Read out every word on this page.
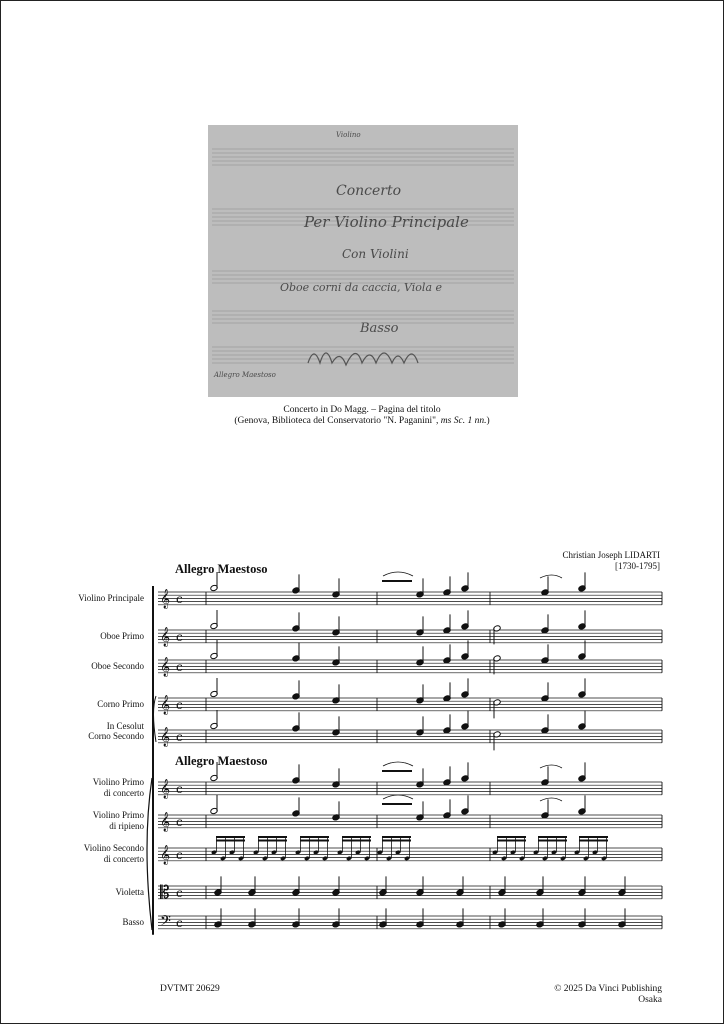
Violino
Concerto
Per Violino Principale
Con Violini
Oboe corni da caccia, Viola e
Basso
Allegro Maestoso
Concerto in Do Magg. – Pagina del titolo
(Genova, Biblioteca del Conservatorio "N. Paganini", ms Sc. 1 nn.)
Christian Joseph LIDARTI
[1730-1795]
Allegro Maestoso
Allegro Maestoso
Violino Principale
Oboe Primo
Oboe Secondo
Corno Primo
Corno Secondo
Violino Primo
di concerto
Violino Primo
di ripieno
Violino Secondo
di concerto
Violetta
Basso
In Cesolut
𝄞 c
𝄞 c
𝄞 c
𝄞 c
𝄞 c
𝄞 c
𝄞 c
𝄞 c
𝄡 c
𝄢 c
DVTMT 20629	© 2025 Da Vinci Publishing
Osaka
